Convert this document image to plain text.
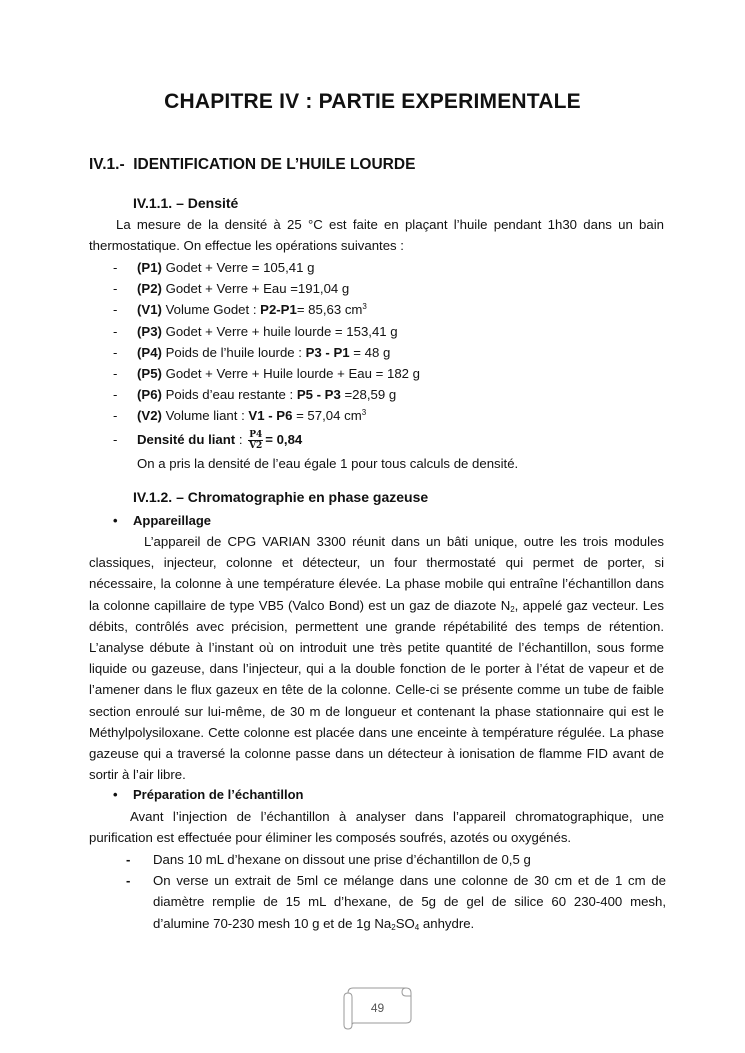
CHAPITRE IV : PARTIE EXPERIMENTALE
IV.1.- IDENTIFICATION DE L’HUILE LOURDE
IV.1.1. – Densité
La mesure de la densité à 25 °C est faite en plaçant l’huile pendant 1h30 dans un bain thermostatique. On effectue les opérations suivantes :
- (P1) Godet + Verre = 105,41 g
- (P2) Godet + Verre + Eau =191,04 g
- (V1) Volume Godet : P2-P1= 85,63 $cm^3$
- (P3) Godet + Verre + huile lourde = 153,41 g
- (P4) Poids de l’huile lourde : P3 - P1 = 48 g
- (P5) Godet + Verre + Huile lourde + Eau = 182 g
- (P6) Poids d’eau restante : P5 - P3 =28,59 g
- (V2) Volume liant : V1 - P6 = 57,04 $cm^3$
- Densité du liant : $\frac{P4}{V2} = 0,84$
On a pris la densité de l’eau égale 1 pour tous calculs de densité.
IV.1.2. – Chromatographie en phase gazeuse
• Appareillage
L’appareil de CPG VARIAN 3300 réunit dans un bâti unique, outre les trois modules classiques, injecteur, colonne et détecteur, un four thermostaté qui permet de porter, si nécessaire, la colonne à une température élevée. La phase mobile qui entraîne l’échantillon dans la colonne capillaire de type VB5 (Valco Bond) est un gaz de diazote $N_2$, appelé gaz vecteur. Les débits, contrôlés avec précision, permettent une grande répétabilité des temps de rétention. L’analyse débute à l’instant où on introduit une très petite quantité de l’échantillon, sous forme liquide ou gazeuse, dans l’injecteur, qui a la double fonction de le porter à l’état de vapeur et de l’amener dans le flux gazeux en tête de la colonne. Celle-ci se présente comme un tube de faible section enroulé sur lui-même, de 30 m de longueur et contenant la phase stationnaire qui est le Méthylpolysiloxane. Cette colonne est placée dans une enceinte à température régulée. La phase gazeuse qui a traversé la colonne passe dans un détecteur à ionisation de flamme FID avant de sortir à l’air libre.
• Préparation de l’échantillon
Avant l’injection de l’échantillon à analyser dans l’appareil chromatographique, une purification est effectuée pour éliminer les composés soufrés, azotés ou oxygénés.
- Dans 10 mL d’hexane on dissout une prise d’échantillon de 0,5 g
- On verse un extrait de 5ml ce mélange dans une colonne de 30 cm et de 1 cm de diamètre remplie de 15 mL d’hexane, de 5g de gel de silice 60 230-400 mesh, d’alumine 70-230 mesh 10 g et de 1g $Na_2SO_4$ anhydre.
49
